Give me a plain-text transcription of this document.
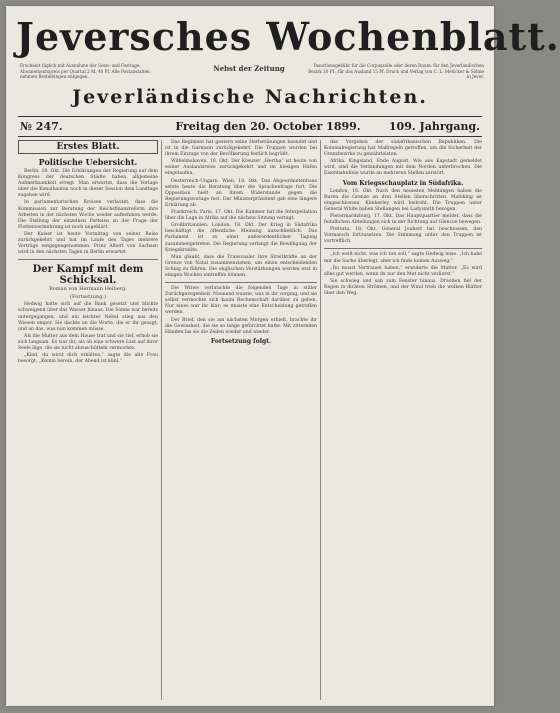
Jeversches Wochenblatt.
Erscheint täglich mit Ausnahme der Sonn- und Festtage. Abonnementspreis per Quartal 2 M. 40 Pf. Alle Postanstalten nehmen Bestellungen entgegen.
Nebst der Zeitung	Insertionsgebühr für die Corpuszeile oder deren Raum: für den Jeverlandischen Bezirk 10 Pf., für das Ausland 15 Pf. Druck und Verlag von C. L. Mettcker & Söhne in Jever.
Jeverländische Nachrichten.
№ 247.	Freitag den 20. October 1899.	109. Jahrgang.
Erstes Blatt.
Politische Uebersicht.

Berlin, 18. Okt. Die Erklärungen der Regierung auf dem Kongress der deutschen Städte haben allgemeine Aufmerksamkeit erregt. Man erwartet, dass die Vorlage über die Kanalbauten noch in dieser Session dem Landtage zugehen wird.

In parlamentarischen Kreisen verlautet, dass die Kommission zur Beratung der Reichsfinanzreform ihre Arbeiten in der nächsten Woche wieder aufnehmen werde. Die Stellung der einzelnen Parteien zu der Frage der Flottenvermehrung ist noch ungeklärt.

Der Kaiser ist heute Vormittag von seiner Reise zurückgekehrt und hat im Laufe des Tages mehrere Vorträge entgegengenommen. Prinz Albert von Sachsen wird in den nächsten Tagen in Berlin erwartet.

Der Kampf mit dem Schicksal.
Roman von Hermann Heiberg.
(Fortsetzung.)

Hedwig hatte sich auf die Bank gesetzt und blickte schweigend über das Wasser hinaus. Die Sonne war bereits untergegangen, und ein leichter Nebel stieg aus den Wiesen empor. Sie dachte an die Worte, die er ihr gesagt, und an das, was nun kommen müsse.

Als die Mutter aus dem Hause trat und sie rief, erhob sie sich langsam. Es war ihr, als ob eine schwere Last auf ihrer Seele läge, die sie nicht abzuschütteln vermochte.

„Kind, du wirst dich erkälten,“ sagte die alte Frau besorgt. „Komm herein, der Abend ist kühl.“

Das Regiment hat gestern seine Herbstübungen beendet und ist in die Garnison zurückgekehrt. Die Truppen wurden bei ihrem Einzuge von der Bevölkerung festlich begrüßt.

Wilhelmshaven, 18. Okt. Der Kreuzer „Hertha“ ist heute von seiner Auslandsreise zurückgekehrt und im hiesigen Hafen eingelaufen.

Oesterreich-Ungarn. Wien, 18. Okt. Das Abgeordnetenhaus setzte heute die Beratung über die Sprachenfrage fort. Die Opposition hielt an ihrem Widerstande gegen die Regierungsvorlage fest. Der Ministerpräsident gab eine längere Erklärung ab.

Frankreich. Paris, 17. Okt. Die Kammer hat die Interpellation über die Lage in Afrika auf die nächste Sitzung vertagt.

Großbritannien. London, 18. Okt. Der Krieg in Südafrika beschäftigt die öffentliche Meinung ausschließlich. Das Parlament ist zu einer außerordentlichen Tagung zusammengetreten. Die Regierung verlangt die Bewilligung der Kriegskredite.

Man glaubt, dass die Transvaaler ihre Streitkräfte an der Grenze von Natal zusammenziehen, um einen entscheidenden Schlag zu führen. Die englischen Verstärkungen werden erst in einigen Wochen eintreffen können.

Die Witwe verbrachte die folgenden Tage in stiller Zurückgezogenheit. Niemand wusste, was in ihr vorging, und sie selbst vermochte sich kaum Rechenschaft darüber zu geben. Nur eines war ihr klar: es musste eine Entscheidung getroffen werden.

Der Brief, den sie am nächsten Morgen erhielt, brachte ihr die Gewissheit, die sie so lange gefürchtet hatte. Mit zitternden Händen las sie die Zeilen wieder und wieder.

Fortsetzung folgt.

das Vorgehen der südafrikanischen Republiken. Die Kolonialregierung hat Maßregeln getroffen, um die Sicherheit der Grenzbezirke zu gewährleisten.

Afrika. Kingsland, Ende August. Wie aus Kapstadt gemeldet wird, sind die Verbindungen mit dem Norden unterbrochen. Die Eisenbahnlinie wurde an mehreren Stellen zerstört.

Vom Kriegsschauplatz in Südafrika.

London, 18. Okt. Nach den neuesten Meldungen haben die Buren die Grenze an drei Stellen überschritten. Mafeking ist eingeschlossen, Kimberley wird bedroht. Die Truppen unter General White haben Stellungen bei Ladysmith bezogen.

Pietermaritzburg, 17. Okt. Das Hauptquartier meldet, dass die feindlichen Abteilungen sich in der Richtung auf Glencoe bewegen.

Pretoria, 18. Okt. General Joubert hat beschlossen, den Vormarsch fortzusetzen. Die Stimmung unter den Truppen ist vortrefflich.

„Ich weiß nicht, was ich tun soll,“ sagte Hedwig leise. „Ich habe mir die Sache überlegt, aber ich finde keinen Ausweg.“

„Du musst Vertrauen haben,“ erwiderte die Mutter. „Es wird alles gut werden, wenn du nur den Mut nicht verlierst.“

Sie schwieg und sah zum Fenster hinaus. Draußen fiel der Regen in dichten Strömen, und der Wind trieb die welken Blätter über den Weg.
